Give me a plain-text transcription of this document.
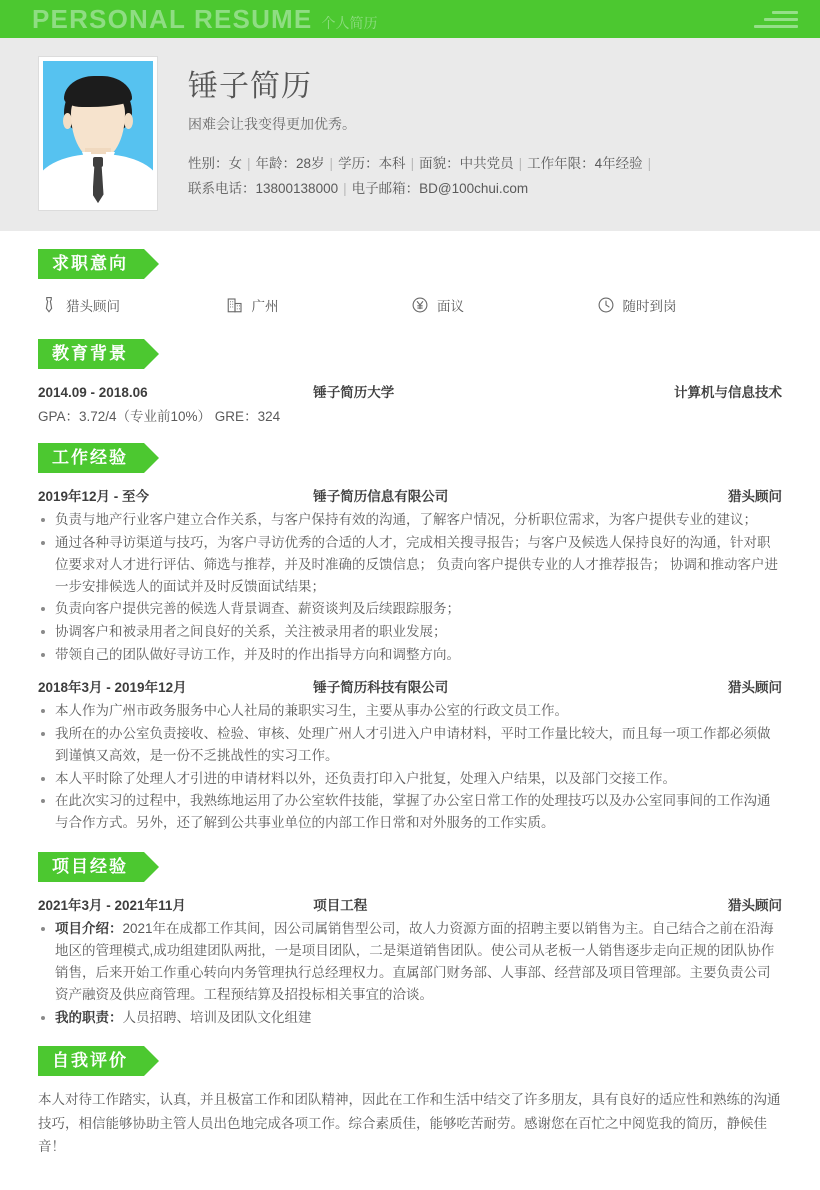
PERSONAL RESUME 个人简历
锤子简历
困难会让我变得更加优秀。
性别：女 | 年龄：28岁 | 学历：本科 | 面貌：中共党员 | 工作年限：4年经验 |
联系电话：13800138000 | 电子邮箱：BD@100chui.com
求职意向
猎头顾问	广州	面议	随时到岗
教育背景
2014.09 - 2018.06	锤子简历大学	计算机与信息技术
GPA：3.72/4（专业前10%） GRE：324
工作经验
2019年12月 - 至今	锤子简历信息有限公司	猎头顾问
负责与地产行业客户建立合作关系，与客户保持有效的沟通，了解客户情况，分析职位需求，为客户提供专业的建议；
通过各种寻访渠道与技巧，为客户寻访优秀的合适的人才，完成相关搜寻报告；与客户及候选人保持良好的沟通，针对职位要求对人才进行评估、筛选与推荐，并及时准确的反馈信息； 负责向客户提供专业的人才推荐报告； 协调和推动客户进一步安排候选人的面试并及时反馈面试结果；
负责向客户提供完善的候选人背景调查、薪资谈判及后续跟踪服务；
协调客户和被录用者之间良好的关系，关注被录用者的职业发展；
带领自己的团队做好寻访工作，并及时的作出指导方向和调整方向。
2018年3月 - 2019年12月	锤子简历科技有限公司	猎头顾问
本人作为广州市政务服务中心人社局的兼职实习生，主要从事办公室的行政文员工作。
我所在的办公室负责接收、检验、审核、处理广州人才引进入户申请材料，平时工作量比较大，而且每一项工作都必须做到谨慎又高效，是一份不乏挑战性的实习工作。
本人平时除了处理人才引进的申请材料以外，还负责打印入户批复，处理入户结果，以及部门交接工作。
在此次实习的过程中，我熟练地运用了办公室软件技能，掌握了办公室日常工作的处理技巧以及办公室同事间的工作沟通与合作方式。另外，还了解到公共事业单位的内部工作日常和对外服务的工作实质。
项目经验
2021年3月 - 2021年11月	项目工程	猎头顾问
项目介绍：2021年在成都工作其间，因公司属销售型公司，故人力资源方面的招聘主要以销售为主。自己结合之前在沿海地区的管理模式,成功组建团队两批，一是项目团队，二是渠道销售团队。使公司从老板一人销售逐步走向正规的团队协作销售，后来开始工作重心转向内务管理执行总经理权力。直属部门财务部、人事部、经营部及项目管理部。主要负责公司资产融资及供应商管理。工程预结算及招投标相关事宜的洽谈。
我的职责：人员招聘、培训及团队文化组建
自我评价
本人对待工作踏实，认真，并且极富工作和团队精神，因此在工作和生活中结交了许多朋友，具有良好的适应性和熟练的沟通技巧，相信能够协助主管人员出色地完成各项工作。综合素质佳，能够吃苦耐劳。感谢您在百忙之中阅览我的简历，静候佳音！
